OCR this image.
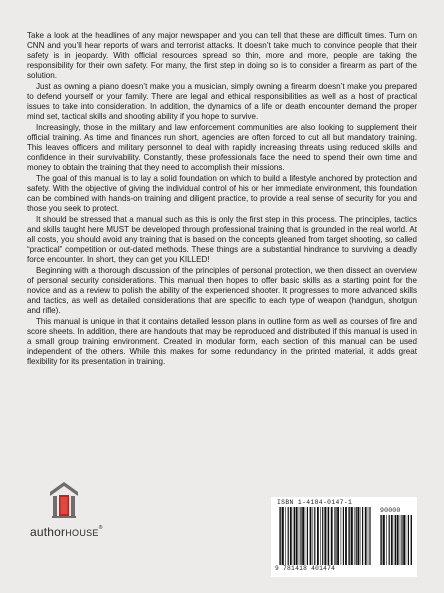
Take a look at the headlines of any major newspaper and you can tell that these are difficult times. Turn on CNN and you’ll hear reports of wars and terrorist attacks. It doesn’t take much to convince people that their safety is in jeopardy. With official resources spread so thin, more and more, people are taking the responsibility for their own safety. For many, the first step in doing so is to consider a firearm as part of the solution.

Just as owning a piano doesn’t make you a musician, simply owning a firearm doesn’t make you prepared to defend yourself or your family. There are legal and ethical responsibilities as well as a host of practical issues to take into consideration. In addition, the dynamics of a life or death encounter demand the proper mind set, tactical skills and shooting ability if you hope to survive.

Increasingly, those in the military and law enforcement communities are also looking to supplement their official training. As time and finances run short, agencies are often forced to cut all but mandatory training. This leaves officers and military personnel to deal with rapidly increasing threats using reduced skills and confidence in their survivability. Constantly, these professionals face the need to spend their own time and money to obtain the training that they need to accomplish their missions.

The goal of this manual is to lay a solid foundation on which to build a lifestyle anchored by protection and safety. With the objective of giving the individual control of his or her immediate environment, this foundation can be combined with hands-on training and diligent practice, to provide a real sense of security for you and those you seek to protect.

It should be stressed that a manual such as this is only the first step in this process. The principles, tactics and skills taught here MUST be developed through professional training that is grounded in the real world. At all costs, you should avoid any training that is based on the concepts gleaned from target shooting, so called “practical” competition or out-dated methods. These things are a substantial hindrance to surviving a deadly force encounter. In short, they can get you KILLED!

Beginning with a thorough discussion of the principles of personal protection, we then dissect an overview of personal security considerations. This manual then hopes to offer basic skills as a starting point for the novice and as a review to polish the ability of the experienced shooter. It progresses to more advanced skills and tactics, as well as detailed considerations that are specific to each type of weapon (handgun, shotgun and rifle).

This manual is unique in that it contains detailed lesson plans in outline form as well as courses of fire and score sheets. In addition, there are handouts that may be reproduced and distributed if this manual is used in a small group training environment. Created in modular form, each section of this manual can be used independent of the others. While this makes for some redundancy in the printed material, it adds great flexibility for its presentation in training.

authorHOUSE®
ISBN 1-4184-0147-1
90000
9 781418 401474
